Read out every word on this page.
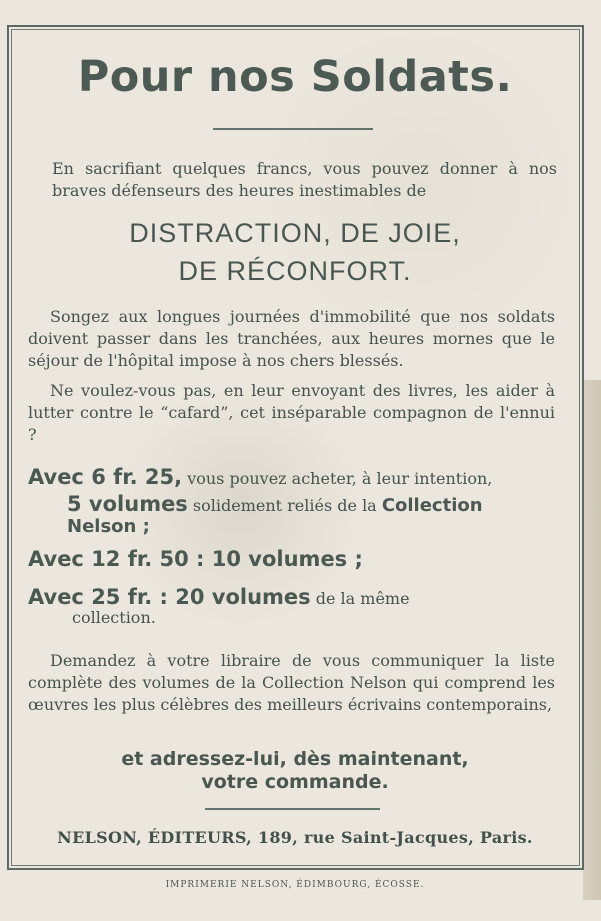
Pour nos Soldats.
En sacrifiant quelques francs, vous pouvez donner à nos braves défenseurs des heures inestimables de
DISTRACTION, DE JOIE,
DE RÉCONFORT.
Songez aux longues journées d'immobilité que nos soldats doivent passer dans les tranchées, aux heures mornes que le séjour de l'hôpital impose à nos chers blessés.
Ne voulez-vous pas, en leur envoyant des livres, les aider à lutter contre le “cafard”, cet inséparable compagnon de l'ennui ?
Avec 6 fr. 25, vous pouvez acheter, à leur intention,
5 volumes solidement reliés de la Collection
Nelson ;
Avec 12 fr. 50 : 10 volumes ;
Avec 25 fr. : 20 volumes de la même
collection.
Demandez à votre libraire de vous communiquer la liste complète des volumes de la Collection Nelson qui comprend les œuvres les plus célèbres des meilleurs écrivains contemporains,
et adressez-lui, dès maintenant,
votre commande.
NELSON, ÉDITEURS, 189, rue Saint-Jacques, Paris.
IMPRIMERIE NELSON, ÉDIMBOURG, ÉCOSSE.
